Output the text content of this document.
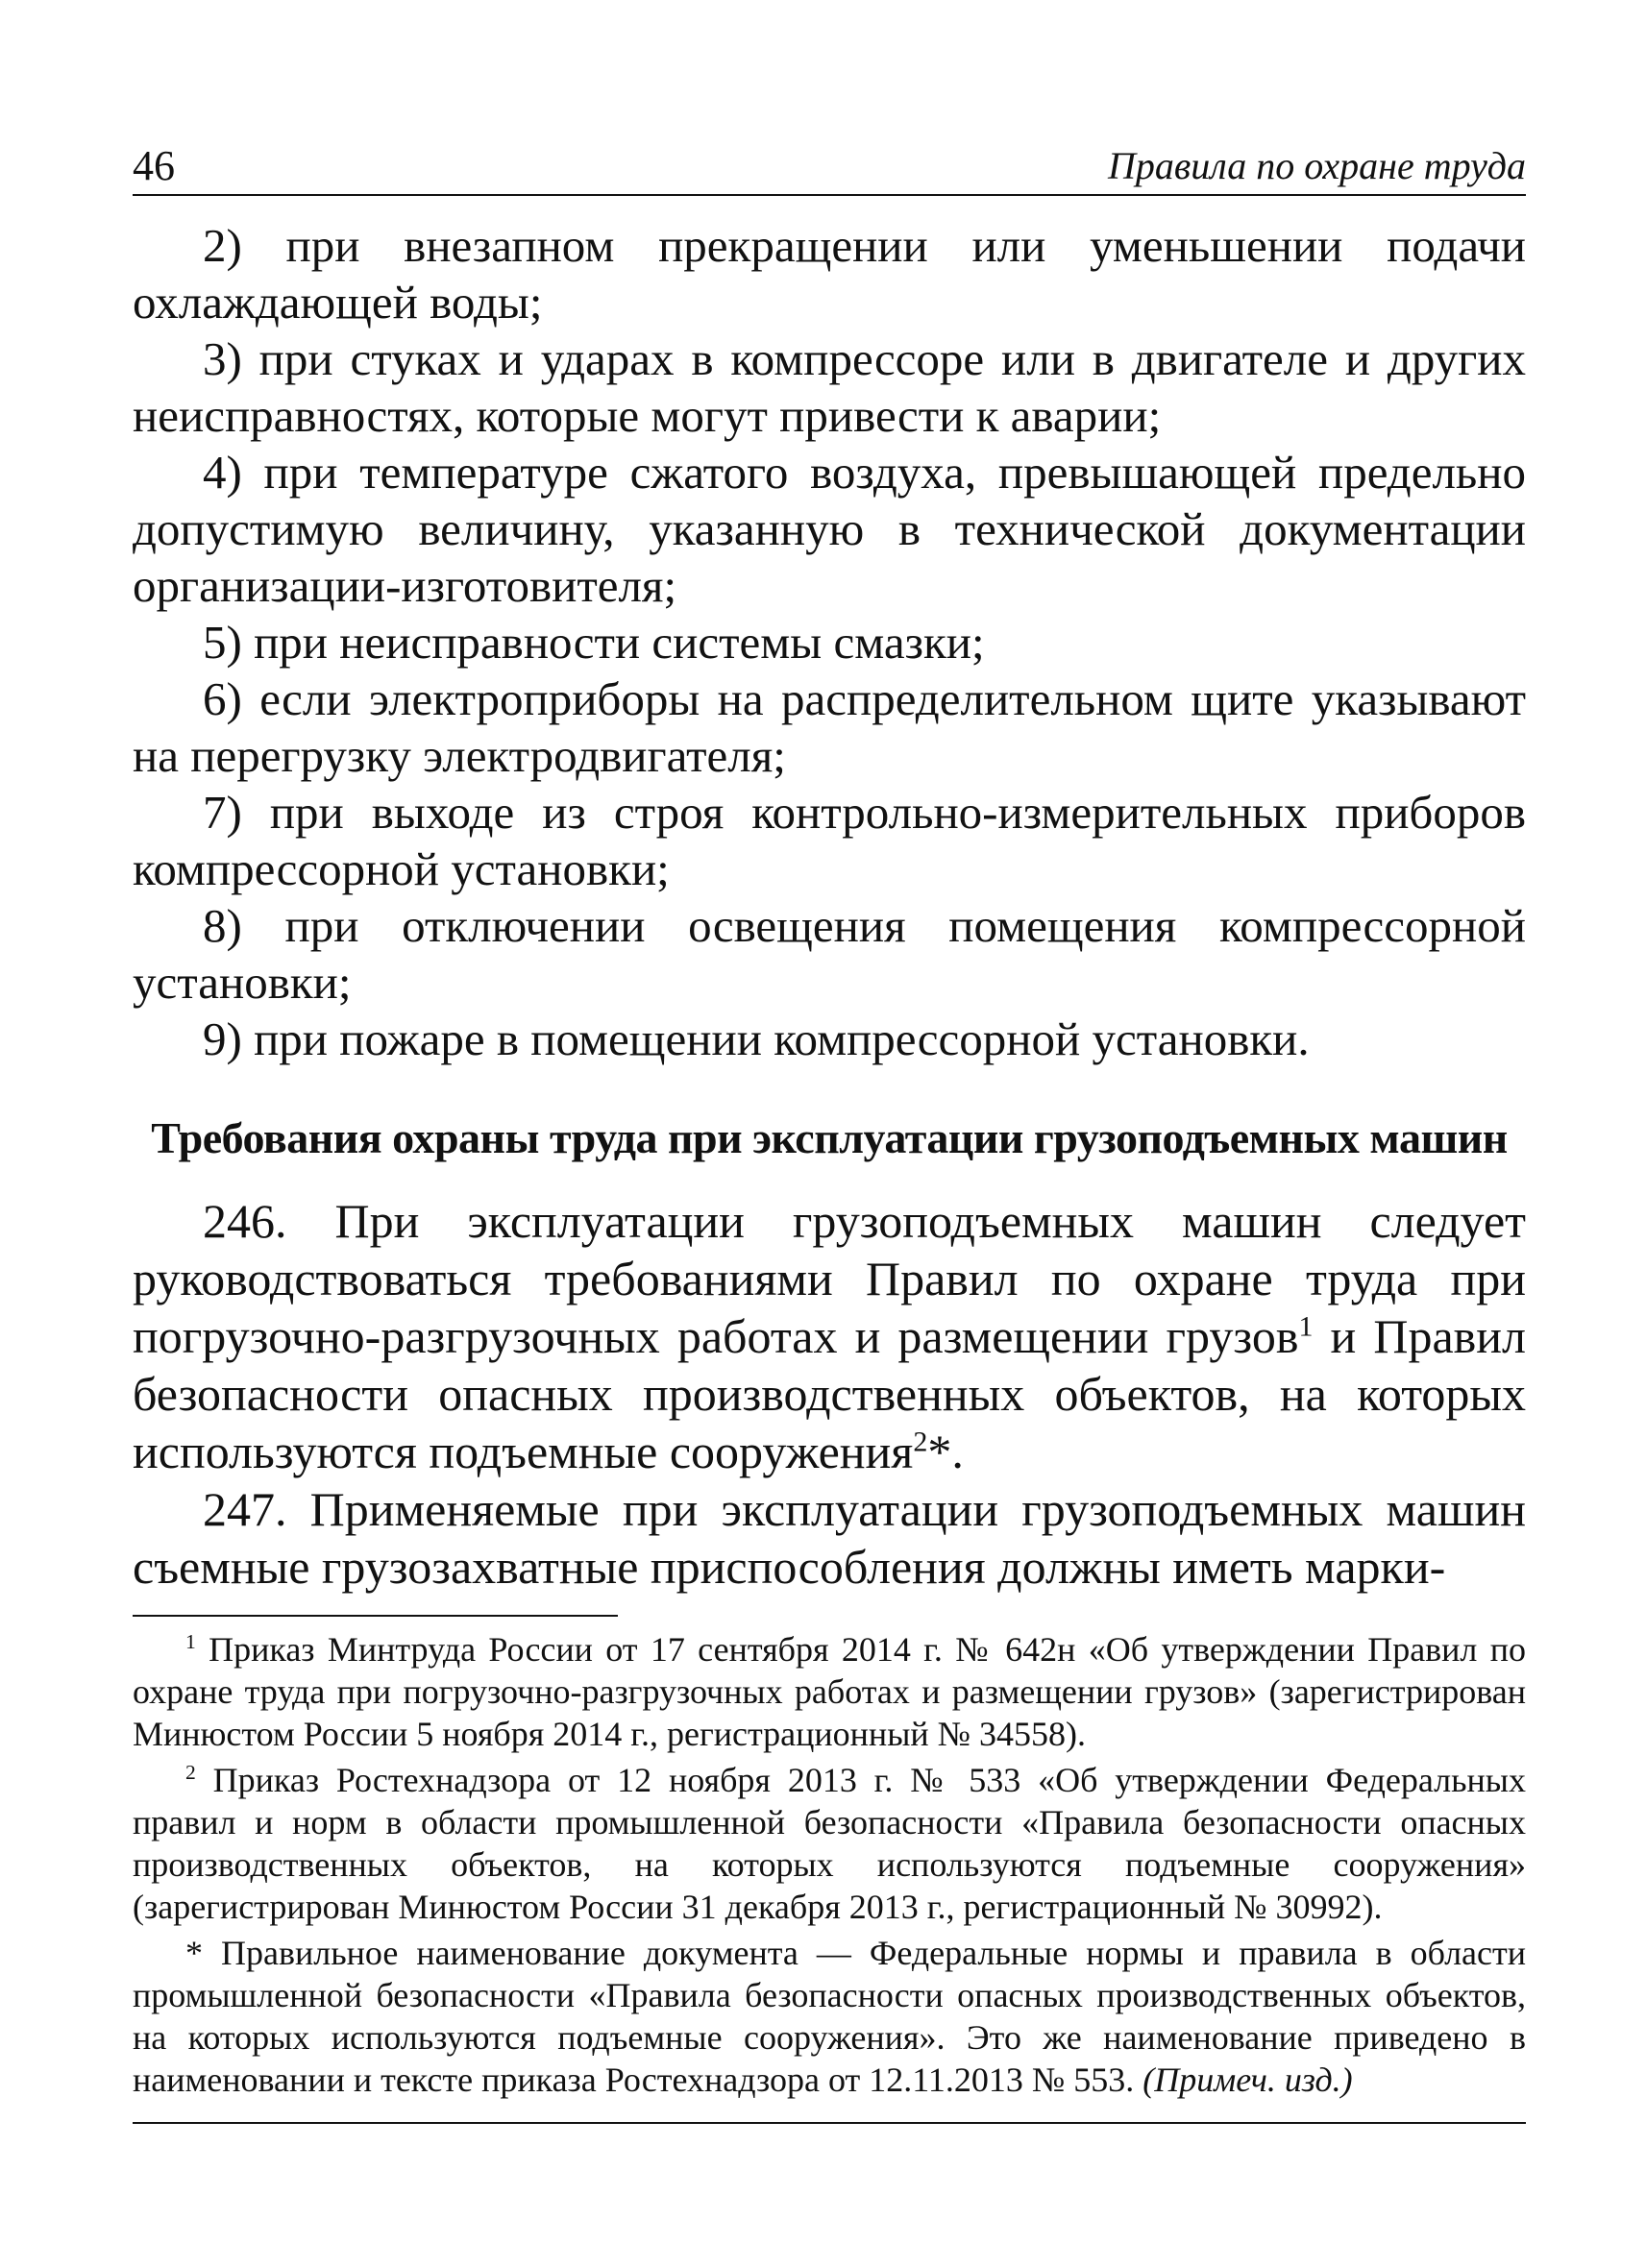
46	Правила по охране труда

2) при внезапном прекращении или уменьшении подачи охлаждающей воды;

3) при стуках и ударах в компрессоре или в двигателе и других неисправностях, которые могут привести к аварии;

4) при температуре сжатого воздуха, превышающей предельно допустимую величину, указанную в технической документации организации-изготовителя;

5) при неисправности системы смазки;

6) если электроприборы на распределительном щите указывают на перегрузку электродвигателя;

7) при выходе из строя контрольно-измерительных приборов компрессорной установки;

8) при отключении освещения помещения компрессорной установки;

9) при пожаре в помещении компрессорной установки.

Требования охраны труда при эксплуатации грузоподъемных машин

246. При эксплуатации грузоподъемных машин следует руководствоваться требованиями Правил по охране труда при погрузочно-разгрузочных работах и размещении грузов$^1$ и Правил безопасности опасных производственных объектов, на которых используются подъемные сооружения$^2$*.

247. Применяемые при эксплуатации грузоподъемных машин съемные грузозахватные приспособления должны иметь марки-

$^1$ Приказ Минтруда России от 17 сентября 2014 г. № 642н «Об утверждении Правил по охране труда при погрузочно-разгрузочных работах и размещении грузов» (зарегистрирован Минюстом России 5 ноября 2014 г., регистрационный № 34558).

$^2$ Приказ Ростехнадзора от 12 ноября 2013 г. № 533 «Об утверждении Федеральных правил и норм в области промышленной безопасности «Правила безопасности опасных производственных объектов, на которых используются подъемные сооружения» (зарегистрирован Минюстом России 31 декабря 2013 г., регистрационный № 30992).

* Правильное наименование документа — Федеральные нормы и правила в области промышленной безопасности «Правила безопасности опасных производственных объектов, на которых используются подъемные сооружения». Это же наименование приведено в наименовании и тексте приказа Ростехнадзора от 12.11.2013 № 553. (Примеч. изд.)
